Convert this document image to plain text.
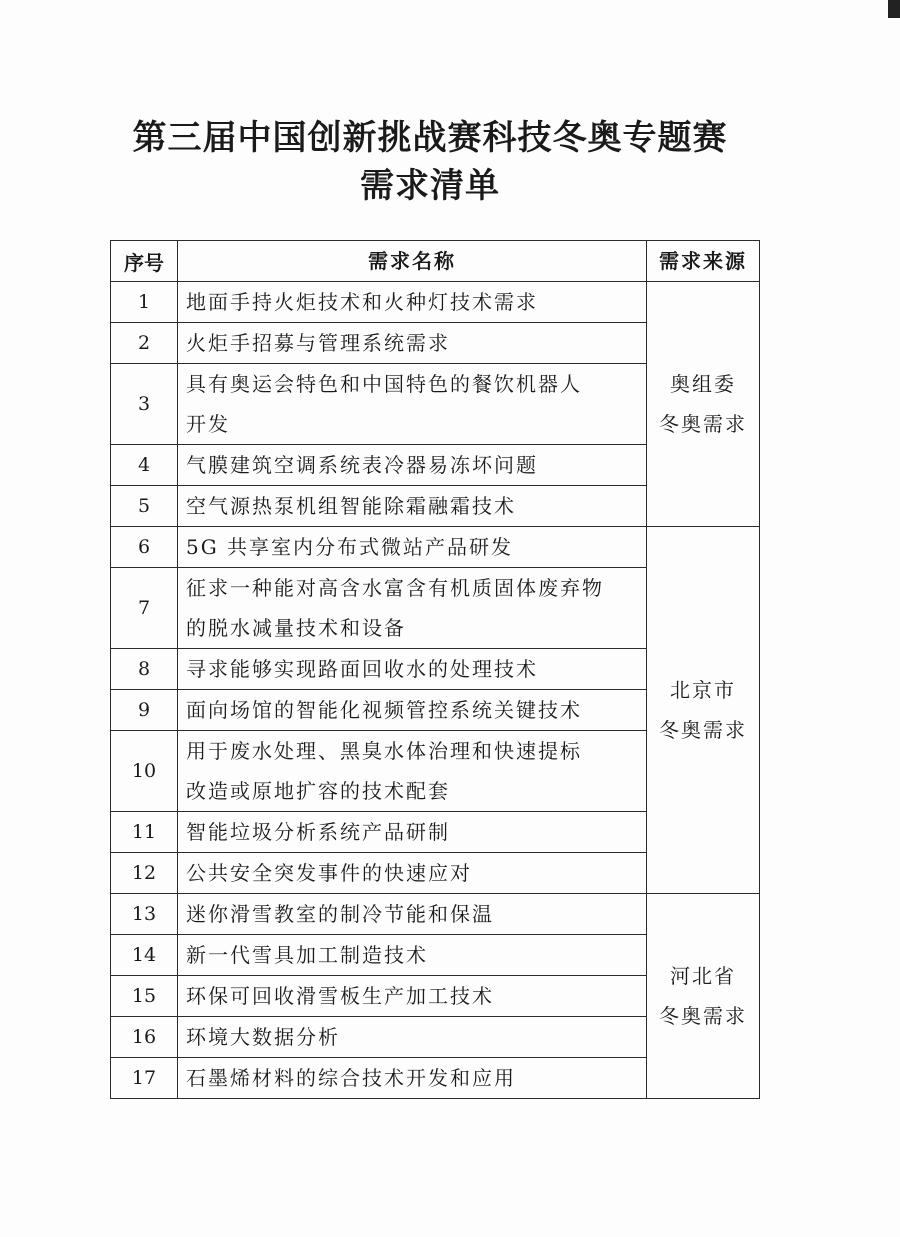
第三届中国创新挑战赛科技冬奥专题赛
需求清单
序号	需求名称	需求来源
1	地面手持火炬技术和火种灯技术需求	奥组委
冬奥需求
2	火炬手招募与管理系统需求	

3	具有奥运会特色和中国特色的餐饮机器人
开发	

4	气膜建筑空调系统表冷器易冻坏问题	

5	空气源热泵机组智能除霜融霜技术	

6	5G 共享室内分布式微站产品研发	北京市
冬奥需求
7	征求一种能对高含水富含有机质固体废弃物
的脱水减量技术和设备	

8	寻求能够实现路面回收水的处理技术	

9	面向场馆的智能化视频管控系统关键技术	

10	用于废水处理、黑臭水体治理和快速提标
改造或原地扩容的技术配套	

11	智能垃圾分析系统产品研制	

12	公共安全突发事件的快速应对	

13	迷你滑雪教室的制冷节能和保温	河北省
冬奥需求
14	新一代雪具加工制造技术	

15	环保可回收滑雪板生产加工技术	

16	环境大数据分析	

17	石墨烯材料的综合技术开发和应用	
